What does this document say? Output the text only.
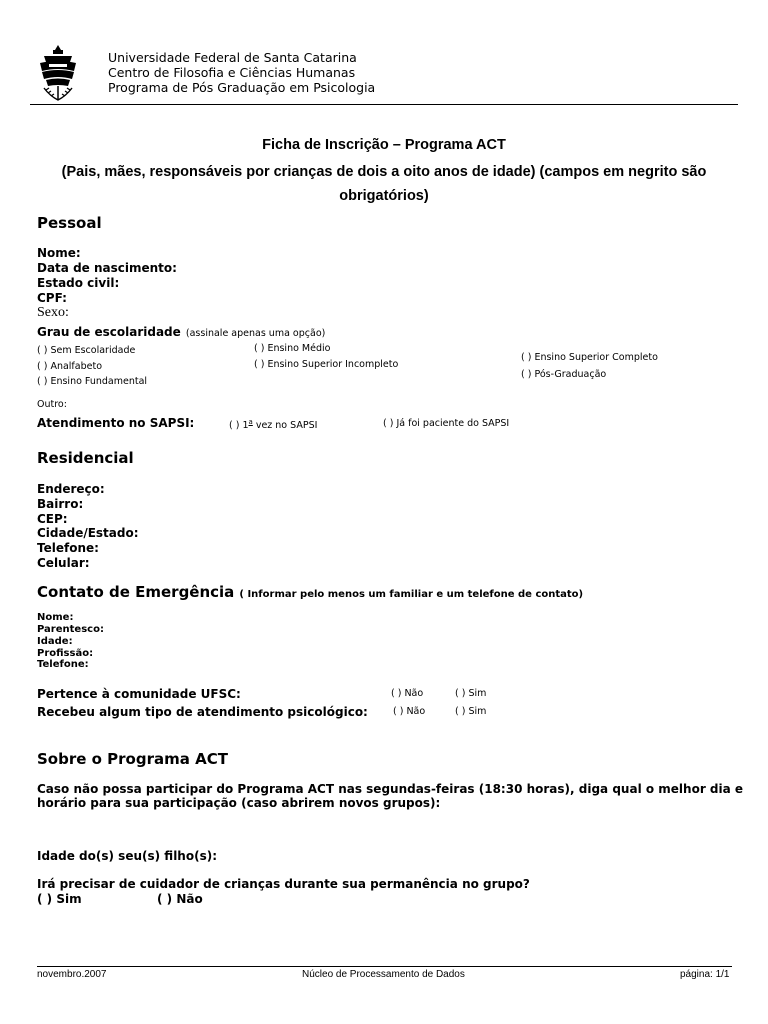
Universidade Federal de Santa Catarina
Centro de Filosofia e Ciências Humanas
Programa de Pós Graduação em Psicologia
Ficha de Inscrição – Programa ACT
(Pais, mães, responsáveis por crianças de dois a oito anos de idade) (campos em negrito são
obrigatórios)
Pessoal
Nome:
Data de nascimento:
Estado civil:
CPF:
Sexo:
Grau de escolaridade (assinale apenas uma opção)
( ) Sem Escolaridade
( ) Analfabeto
( ) Ensino Fundamental
( ) Ensino Médio
( ) Ensino Superior Incompleto
( ) Ensino Superior Completo
( ) Pós-Graduação
Outro:
Atendimento no SAPSI:	( ) 1$^a$ vez no SAPSI	( ) Já foi paciente do SAPSI
Residencial
Endereço:
Bairro:
CEP:
Cidade/Estado:
Telefone:
Celular:
Contato de Emergência ( Informar pelo menos um familiar e um telefone de contato)
Nome:
Parentesco:
Idade:
Profissão:
Telefone:
Pertence à comunidade UFSC:	( ) Não	( ) Sim
Recebeu algum tipo de atendimento psicológico:	( ) Não	( ) Sim
Sobre o Programa ACT
Caso não possa participar do Programa ACT nas segundas-feiras (18:30 horas), diga qual o melhor dia e
horário para sua participação (caso abrirem novos grupos):
Idade do(s) seu(s) filho(s):
Irá precisar de cuidador de crianças durante sua permanência no grupo?
( ) Sim	( ) Não
novembro.2007	Núcleo de Processamento de Dados	página: 1/1
